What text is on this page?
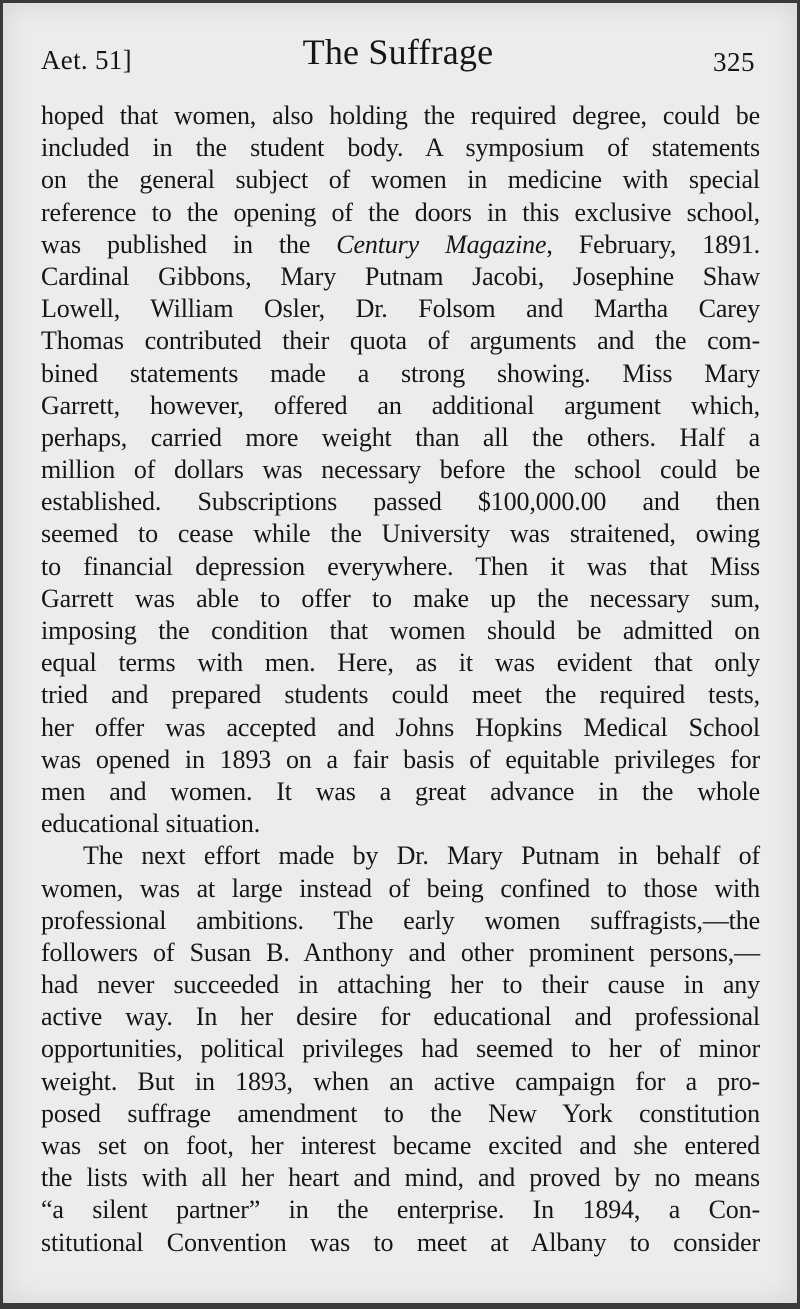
Aet. 51]	The Suffrage	325
hoped that women, also holding the required degree, could be
included in the student body. A symposium of statements
on the general subject of women in medicine with special
reference to the opening of the doors in this exclusive school,
was published in the Century Magazine, February, 1891.
Cardinal Gibbons, Mary Putnam Jacobi, Josephine Shaw
Lowell, William Osler, Dr. Folsom and Martha Carey
Thomas contributed their quota of arguments and the com-
bined statements made a strong showing. Miss Mary
Garrett, however, offered an additional argument which,
perhaps, carried more weight than all the others. Half a
million of dollars was necessary before the school could be
established. Subscriptions passed $100,000.00 and then
seemed to cease while the University was straitened, owing
to financial depression everywhere. Then it was that Miss
Garrett was able to offer to make up the necessary sum,
imposing the condition that women should be admitted on
equal terms with men. Here, as it was evident that only
tried and prepared students could meet the required tests,
her offer was accepted and Johns Hopkins Medical School
was opened in 1893 on a fair basis of equitable privileges for
men and women. It was a great advance in the whole
educational situation.
The next effort made by Dr. Mary Putnam in behalf of
women, was at large instead of being confined to those with
professional ambitions. The early women suffragists,—the
followers of Susan B. Anthony and other prominent persons,—
had never succeeded in attaching her to their cause in any
active way. In her desire for educational and professional
opportunities, political privileges had seemed to her of minor
weight. But in 1893, when an active campaign for a pro-
posed suffrage amendment to the New York constitution
was set on foot, her interest became excited and she entered
the lists with all her heart and mind, and proved by no means
“a silent partner” in the enterprise. In 1894, a Con-
stitutional Convention was to meet at Albany to consider
